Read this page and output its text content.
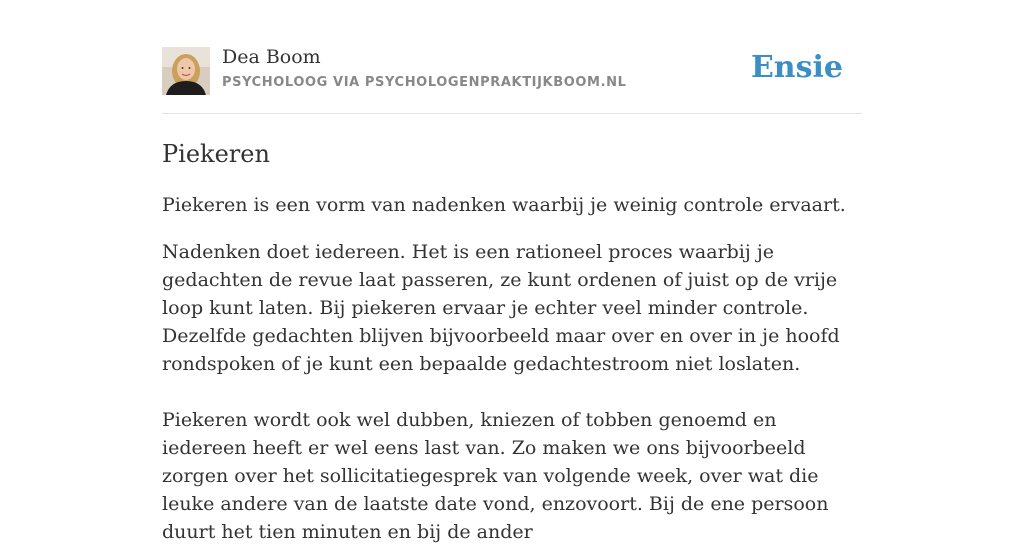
Dea Boom
PSYCHOLOOG VIA PSYCHOLOGENPRAKTIJKBOOM.NL	Ensie
Piekeren

Piekeren is een vorm van nadenken waarbij je weinig controle ervaart.

Nadenken doet iedereen. Het is een rationeel proces waarbij je gedachten de revue laat passeren, ze kunt ordenen of juist op de vrije loop kunt laten. Bij piekeren ervaar je echter veel minder controle. Dezelfde gedachten blijven bijvoorbeeld maar over en over in je hoofd rondspoken of je kunt een bepaalde gedachtestroom niet loslaten.

Piekeren wordt ook wel dubben, kniezen of tobben genoemd en iedereen heeft er wel eens last van. Zo maken we ons bijvoorbeeld zorgen over het sollicitatiegesprek van volgende week, over wat die leuke andere van de laatste date vond, enzovoort. Bij de ene persoon duurt het tien minuten en bij de ander
